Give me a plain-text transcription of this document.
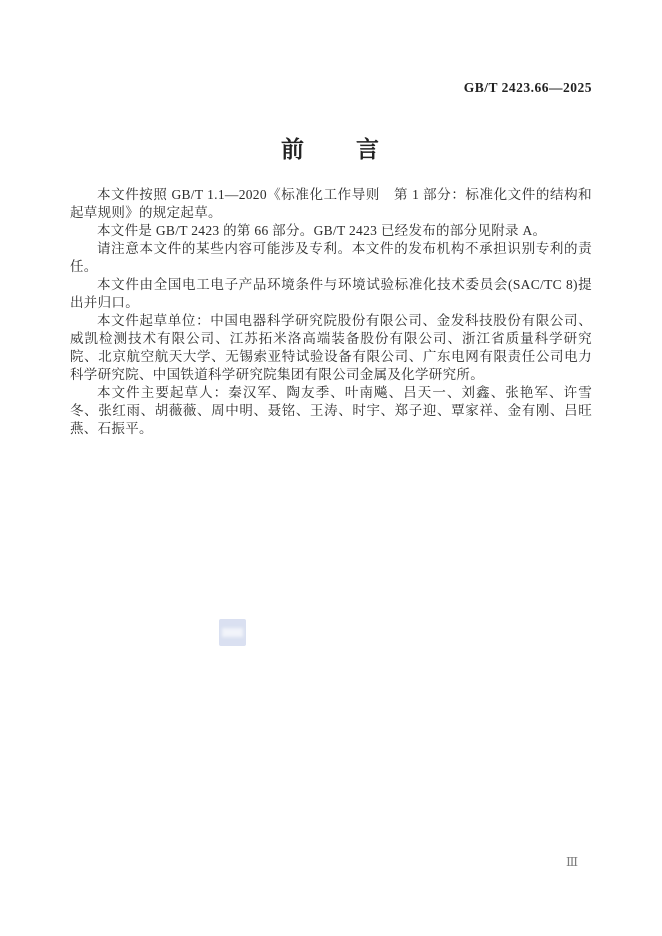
GB/T 2423.66—2025
前　　言

本文件按照 GB/T 1.1—2020《标准化工作导则　第 1 部分：标准化文件的结构和起草规则》的规定起草。

本文件是 GB/T 2423 的第 66 部分。GB/T 2423 已经发布的部分见附录 A。

请注意本文件的某些内容可能涉及专利。本文件的发布机构不承担识别专利的责任。

本文件由全国电工电子产品环境条件与环境试验标准化技术委员会(SAC/TC 8)提出并归口。

本文件起草单位：中国电器科学研究院股份有限公司、金发科技股份有限公司、威凯检测技术有限公司、江苏拓米洛高端装备股份有限公司、浙江省质量科学研究院、北京航空航天大学、无锡索亚特试验设备有限公司、广东电网有限责任公司电力科学研究院、中国铁道科学研究院集团有限公司金属及化学研究所。

本文件主要起草人：秦汉军、陶友季、叶南飚、吕天一、刘鑫、张艳军、许雪冬、张红雨、胡薇薇、周中明、聂铭、王涛、时宇、郑子迎、覃家祥、金有刚、吕旺燕、石振平。

Ⅲ
